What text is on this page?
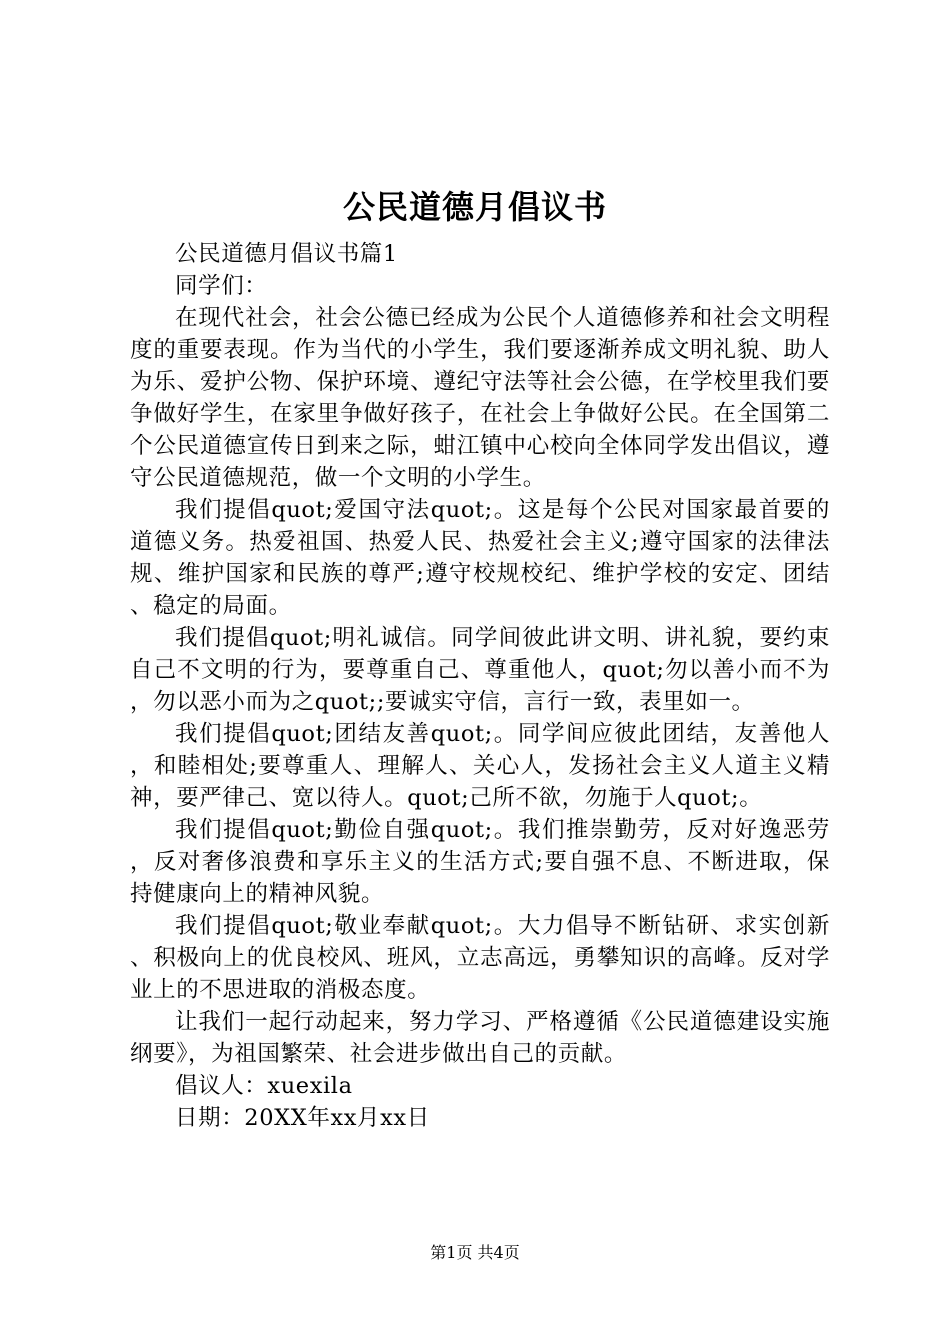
公民道德月倡议书

公民道德月倡议书篇1

同学们：

在现代社会，社会公德已经成为公民个人道德修养和社会文明程度的重要表现。作为当代的小学生，我们要逐渐养成文明礼貌、助人为乐、爱护公物、保护环境、遵纪守法等社会公德，在学校里我们要争做好学生，在家里争做好孩子，在社会上争做好公民。在全国第二个公民道德宣传日到来之际，蚶江镇中心校向全体同学发出倡议，遵守公民道德规范，做一个文明的小学生。

我们提倡quot;爱国守法quot;。这是每个公民对国家最首要的道德义务。热爱祖国、热爱人民、热爱社会主义;遵守国家的法律法规、维护国家和民族的尊严;遵守校规校纪、维护学校的安定、团结、稳定的局面。

我们提倡quot;明礼诚信。同学间彼此讲文明、讲礼貌，要约束自己不文明的行为，要尊重自己、尊重他人，quot;勿以善小而不为，勿以恶小而为之quot;;要诚实守信，言行一致，表里如一。

我们提倡quot;团结友善quot;。同学间应彼此团结，友善他人，和睦相处;要尊重人、理解人、关心人，发扬社会主义人道主义精神，要严律己、宽以待人。quot;己所不欲，勿施于人quot;。

我们提倡quot;勤俭自强quot;。我们推崇勤劳，反对好逸恶劳，反对奢侈浪费和享乐主义的生活方式;要自强不息、不断进取，保持健康向上的精神风貌。

我们提倡quot;敬业奉献quot;。大力倡导不断钻研、求实创新、积极向上的优良校风、班风，立志高远，勇攀知识的高峰。反对学业上的不思进取的消极态度。

让我们一起行动起来，努力学习、严格遵循《公民道德建设实施纲要》，为祖国繁荣、社会进步做出自己的贡献。

倡议人：xuexila

日期：20XX年xx月xx日

第1页 共4页
